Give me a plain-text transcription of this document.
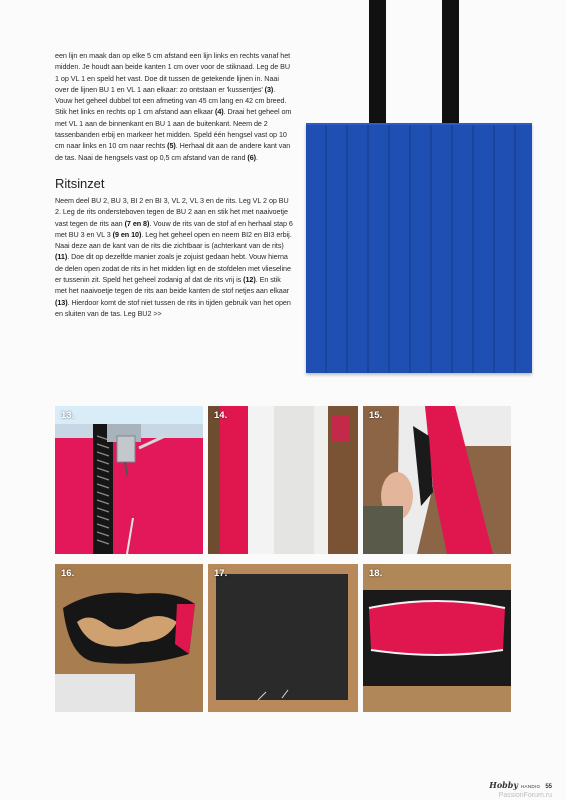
een lijn en maak dan op elke 5 cm afstand een lijn links en rechts vanaf het midden. Je houdt aan beide kanten 1 cm over voor de stiknaad. Leg de BU 1 op VL 1 en speld het vast. Doe dit tussen de getekende lijnen in. Naai over de lijnen BU 1 en VL 1 aan elkaar: zo ontstaan er 'kussentjes' (3). Vouw het geheel dubbel tot een afmeting van 45 cm lang en 42 cm breed. Stik het links en rechts op 1 cm afstand aan elkaar (4). Draai het geheel om met VL 1 aan de binnenkant en BU 1 aan de buitenkant. Neem de 2 tassenbanden erbij en markeer het midden. Speld één hengsel vast op 10 cm naar links en 10 cm naar rechts (5). Herhaal dit aan de andere kant van de tas. Naai de hengsels vast op 0,5 cm afstand van de rand (6).

Ritsinzet

Neem deel BU 2, BU 3, BI 2 en BI 3, VL 2, VL 3 en de rits. Leg VL 2 op BU 2. Leg de rits ondersteboven tegen de BU 2 aan en stik het met naaivoetje vast tegen de rits aan (7 en 8). Vouw de rits van de stof af en herhaal stap 6 met BU 3 en VL 3 (9 en 10). Leg het geheel open en neem BI2 en BI3 erbij. Naai deze aan de kant van de rits die zichtbaar is (achterkant van de rits) (11). Doe dit op dezelfde manier zoals je zojuist gedaan hebt. Vouw hierna de delen open zodat de rits in het midden ligt en de stofdelen met vlieseline er tussenin zit. Speld het geheel zodanig af dat de rits vrij is (12). En stik met het naaivoetje tegen de rits aan beide kanten de stof netjes aan elkaar (13). Hierdoor komt de stof niet tussen de rits in tijden gebruik van het open en sluiten van de tas. Leg BU2 >>

13.	14.	15.
16.	17.	18.
Hobby HANDIG 55
PassionForum.ru
